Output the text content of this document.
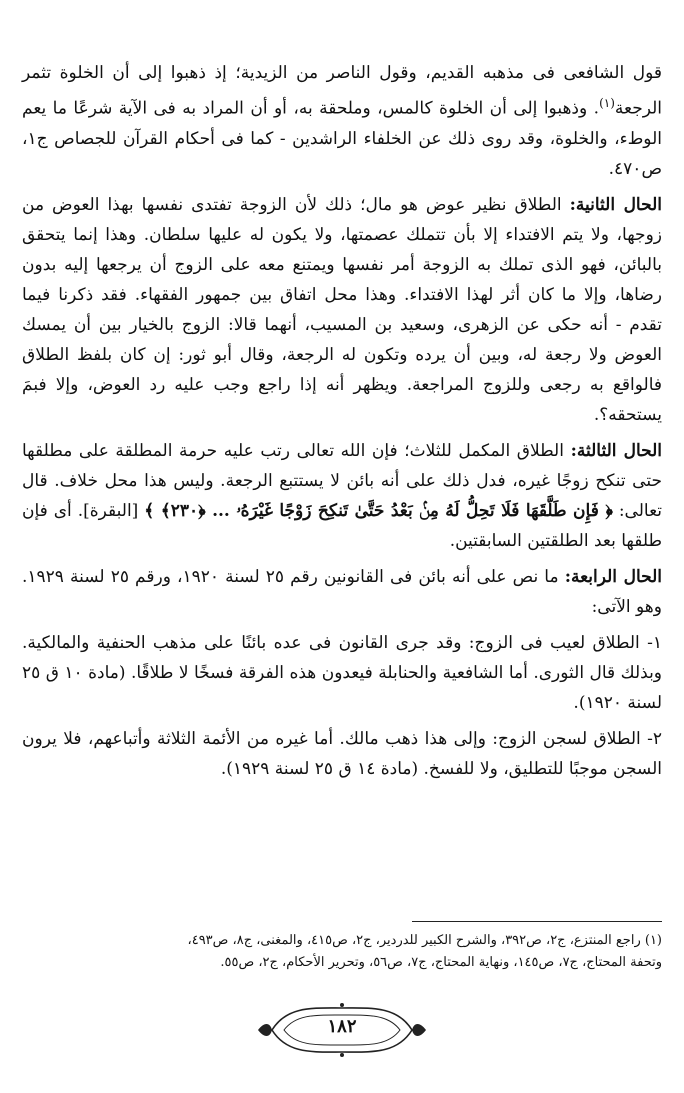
قول الشافعى فى مذهبه القديم، وقول الناصر من الزيدية؛ إذ ذهبوا إلى أن الخلوة تثمر الرجعة$^{(١)}$. وذهبوا إلى أن الخلوة كالمس، وملحقة به، أو أن المراد به فى الآية شرعًا ما يعم الوطء، والخلوة، وقد روى ذلك عن الخلفاء الراشدين - كما فى أحكام القرآن للجصاص ج١، ص٤٧٠.

الحال الثانية: الطلاق نظير عوض هو مال؛ ذلك لأن الزوجة تفتدى نفسها بهذا العوض من زوجها، ولا يتم الافتداء إلا بأن تتملك عصمتها، ولا يكون له عليها سلطان. وهذا إنما يتحقق بالبائن، فهو الذى تملك به الزوجة أمر نفسها ويمتنع معه على الزوج أن يرجعها إليه بدون رضاها، وإلا ما كان أثر لهذا الافتداء. وهذا محل اتفاق بين جمهور الفقهاء. فقد ذكرنا فيما تقدم - أنه حكى عن الزهرى، وسعيد بن المسيب، أنهما قالا: الزوج بالخيار بين أن يمسك العوض ولا رجعة له، وبين أن يرده وتكون له الرجعة، وقال أبو ثور: إن كان بلفظ الطلاق فالواقع به رجعى وللزوج المراجعة. ويظهر أنه إذا راجع وجب عليه رد العوض، وإلا فبمَ يستحقه؟.

الحال الثالثة: الطلاق المكمل للثلاث؛ فإن الله تعالى رتب عليه حرمة المطلقة على مطلقها حتى تنكح زوجًا غيره، فدل ذلك على أنه بائن لا يستتبع الرجعة. وليس هذا محل خلاف. قال تعالى: ﴿ فَإِن طَلَّقَهَا فَلَا تَحِلُّ لَهُ مِنۢ بَعْدُ حَتَّىٰ تَنكِحَ زَوْجًا غَيْرَهُۥ ... ﴿٢٣٠﴾ ﴾ [البقرة]. أى فإن طلقها بعد الطلقتين السابقتين.

الحال الرابعة: ما نص على أنه بائن فى القانونين رقم ٢٥ لسنة ١٩٢٠، ورقم ٢٥ لسنة ١٩٢٩. وهو الآتى:

١- الطلاق لعيب فى الزوج: وقد جرى القانون فى عده بائنًا على مذهب الحنفية والمالكية. وبذلك قال الثورى. أما الشافعية والحنابلة فيعدون هذه الفرقة فسخًا لا طلاقًا. (مادة ١٠ ق ٢٥ لسنة ١٩٢٠).

٢- الطلاق لسجن الزوج: وإلى هذا ذهب مالك. أما غيره من الأئمة الثلاثة وأتباعهم، فلا يرون السجن موجبًا للتطليق، ولا للفسخ. (مادة ١٤ ق ٢٥ لسنة ١٩٢٩).

(١) راجع المنتزع، ج٢، ص٣٩٢، والشرح الكبير للدردير، ج٢، ص٤١٥، والمغنى، ج٨، ص٤٩٣،
وتحفة المحتاج، ج٧، ص١٤٥، ونهاية المحتاج، ج٧، ص٥٦، وتحرير الأحكام، ج٢، ص٥٥.
١٨٢
